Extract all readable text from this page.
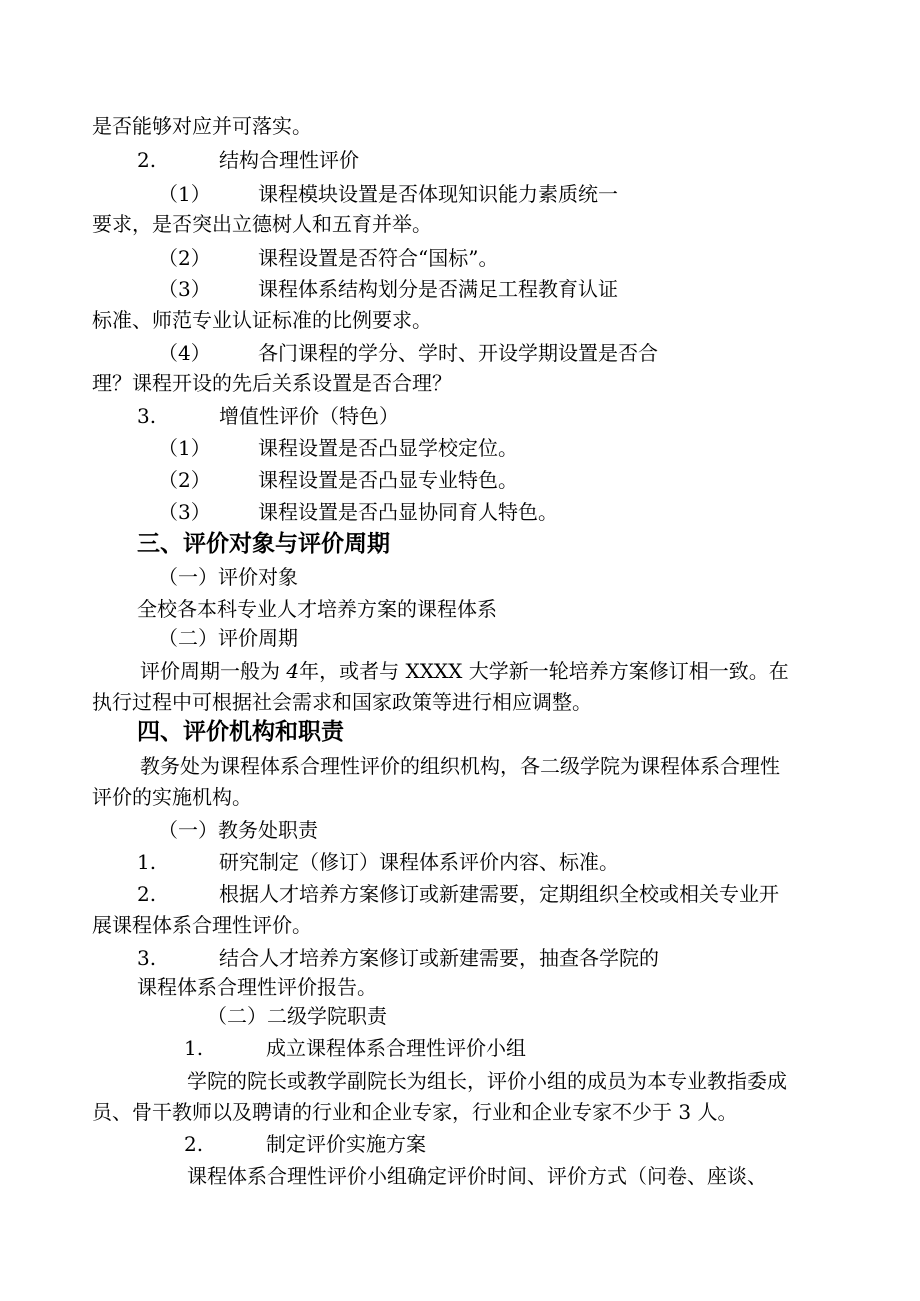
是否能够对应并可落实。
2.	结构合理性评价
（1） 课程模块设置是否体现知识能力素质统一
要求，是否突出立德树人和五育并举。
（2） 课程设置是否符合“国标”。
（3） 课程体系结构划分是否满足工程教育认证
标准、师范专业认证标准的比例要求。
（4） 各门课程的学分、学时、开设学期设置是否合
理？课程开设的先后关系设置是否合理？
3.	增值性评价（特色）
（1） 课程设置是否凸显学校定位。
（2） 课程设置是否凸显专业特色。
（3） 课程设置是否凸显协同育人特色。
三、评价对象与评价周期
（一）评价对象
全校各本科专业人才培养方案的课程体系
（二）评价周期
评价周期一般为 4年，或者与 XXXX 大学新一轮培养方案修订相一致。在
执行过程中可根据社会需求和国家政策等进行相应调整。
四、评价机构和职责
教务处为课程体系合理性评价的组织机构，各二级学院为课程体系合理性
评价的实施机构。
（一）教务处职责
1.	研究制定（修订）课程体系评价内容、标准。
2.	根据人才培养方案修订或新建需要，定期组织全校或相关专业开
展课程体系合理性评价。
3.	结合人才培养方案修订或新建需要，抽查各学院的
课程体系合理性评价报告。
（二）二级学院职责
1.	成立课程体系合理性评价小组
学院的院长或教学副院长为组长，评价小组的成员为本专业教指委成
员、骨干教师以及聘请的行业和企业专家，行业和企业专家不少于 3 人。
2.	制定评价实施方案
课程体系合理性评价小组确定评价时间、评价方式（问卷、座谈、
